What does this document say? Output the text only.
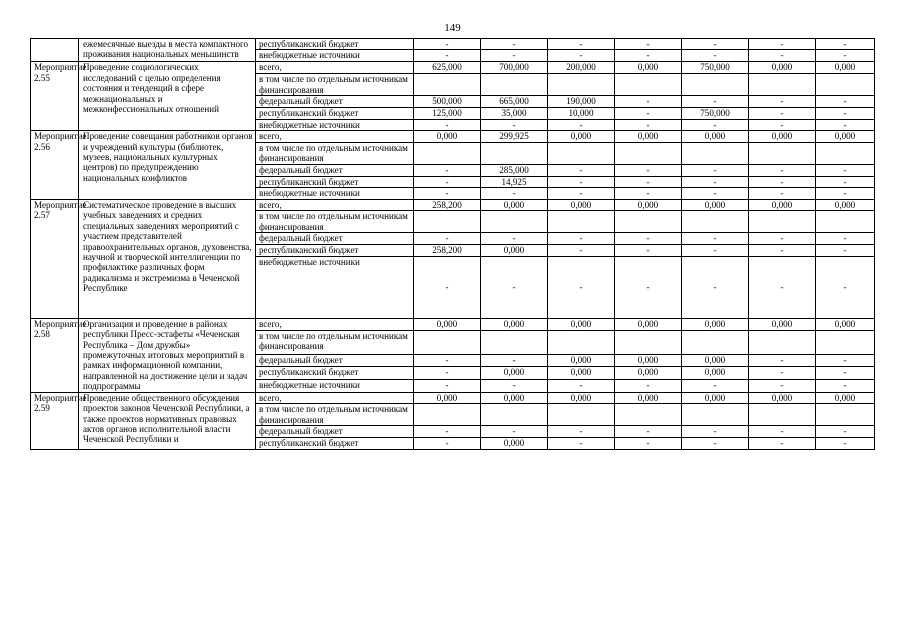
149
	ежемесячные выезды в места компактного проживания национальных меньшинств	республиканский бюджет	-	-	-	-	-	-	-
		внебюджетные источники	-	-	-	-	-	-	-
Мероприятие 2.55	Проведение социологических исследований с целью определения состояния и тенденций в сфере межнациональных и межконфессиональных отношений	всего,	625,000	700,000	200,000	0,000	750,000	0,000	0,000
		в том числе по отдельным источникам финансирования							
		федеральный бюджет	500,000	665,000	190,000	-	-	-	-
		республиканский бюджет	125,000	35,000	10,000	-	750,000	-	-
		внебюджетные источники	-	-	-	-	-	-	-
Мероприятие 2.56	Проведение совещания работников органов и учреждений культуры (библиотек, музеев, национальных культурных центров) по предупреждению национальных конфликтов	всего,	0,000	299,925	0,000	0,000	0,000	0,000	0,000
		в том числе по отдельным источникам финансирования							
		федеральный бюджет	-	285,000	-	-	-	-	-
		республиканский бюджет	-	14,925	-	-	-	-	-
		внебюджетные источники	-	-	-	-	-	-	-
Мероприятие 2.57	Систематическое проведение в высших учебных заведениях и средних специальных заведениях мероприятий с участием представителей правоохранительных органов, духовенства, научной и творческой интеллигенции по профилактике различных форм радикализма и экстремизма в Чеченской Республике	всего,	258,200	0,000	0,000	0,000	0,000	0,000	0,000
		в том числе по отдельным источникам финансирования							
		федеральный бюджет	-	-	-	-	-	-	-
		республиканский бюджет	258,200	0,000	-	-	-	-	-
		внебюджетные источники	-	-	-	-	-	-	-
Мероприятие 2.58	Организация и проведение в районах республики Пресс-эстафеты «Чеченская Республика – Дом дружбы» промежуточных итоговых мероприятий в рамках информационной компании, направленной на достижение цели и задач подпрограммы	всего,	0,000	0,000	0,000	0,000	0,000	0,000	0,000
		в том числе по отдельным источникам финансирования							
		федеральный бюджет	-	-	0,000	0,000	0,000	-	-
		республиканский бюджет	-	0,000	0,000	0,000	0,000	-	-
		внебюджетные источники	-	-	-	-	-	-	-
Мероприятие 2.59	Проведение общественного обсуждения проектов законов Чеченской Республики, а также проектов нормативных правовых актов органов исполнительной власти Чеченской Республики и	всего,	0,000	0,000	0,000	0,000	0,000	0,000	0,000
		в том числе по отдельным источникам финансирования							
		федеральный бюджет	-	-	-	-	-	-	-
		республиканский бюджет	-	0,000	-	-	-	-	-
